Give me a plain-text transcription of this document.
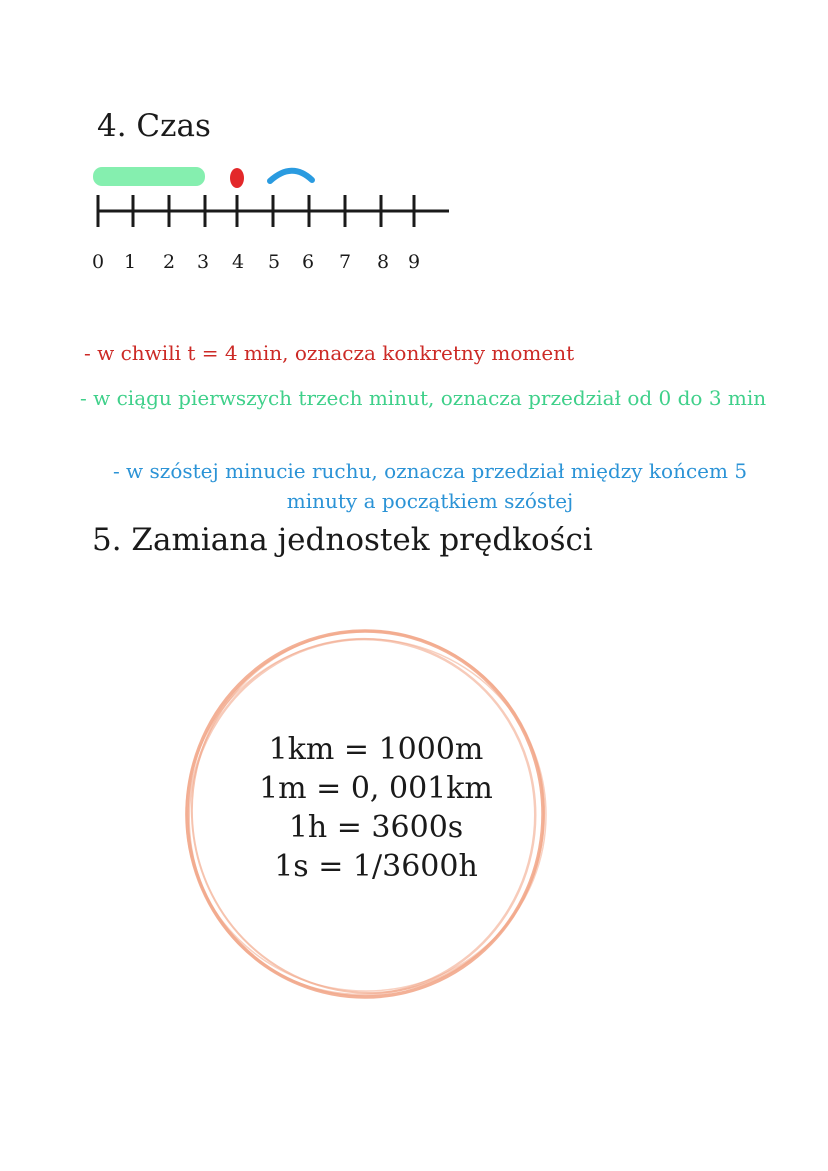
4. Czas
0 1 2 3 4 5 6 7 8 9
- w chwili t = 4 min, oznacza konkretny moment
- w ciągu pierwszych trzech minut, oznacza przedział od 0 do 3 min
- w szóstej minucie ruchu, oznacza przedział między końcem 5 minuty a początkiem szóstej
5. Zamiana jednostek prędkości
1km = 1000m
1m = 0, 001km
1h = 3600s
1s = 1/3600h
